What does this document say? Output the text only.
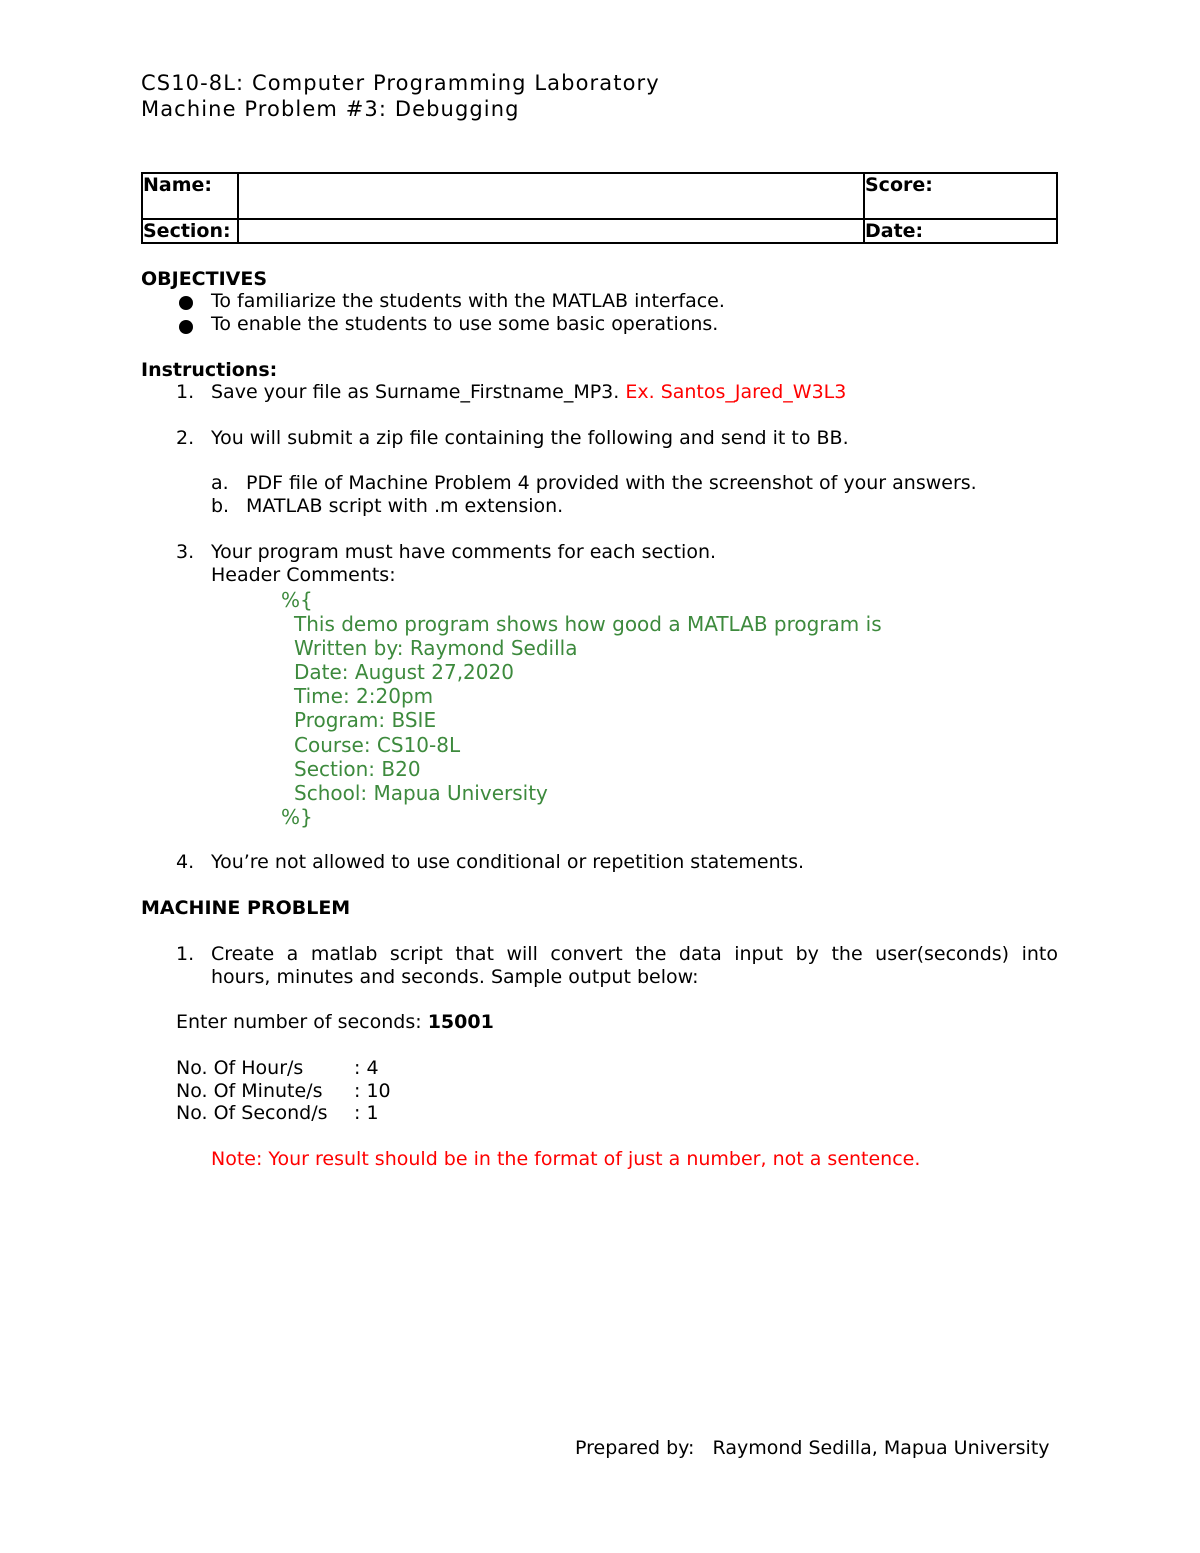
CS10-8L: Computer Programming Laboratory
Machine Problem #3: Debugging
Name:		Score:
Section:		Date:
OBJECTIVES
To familiarize the students with the MATLAB interface.
To enable the students to use some basic operations.
Instructions:
1. Save your file as Surname_Firstname_MP3. Ex. Santos_Jared_W3L3
2. You will submit a zip file containing the following and send it to BB.
a. PDF file of Machine Problem 4 provided with the screenshot of your answers.
b. MATLAB script with .m extension.
3. Your program must have comments for each section.
Header Comments:
%{
This demo program shows how good a MATLAB program is
Written by: Raymond Sedilla
Date: August 27,2020
Time: 2:20pm
Program: BSIE
Course: CS10-8L
Section: B20
School: Mapua University
%}
4. You’re not allowed to use conditional or repetition statements.
MACHINE PROBLEM
1. Create a matlab script that will convert the data input by the user(seconds) into
hours, minutes and seconds. Sample output below:
Enter number of seconds: 15001
No. Of Hour/s	: 4
No. Of Minute/s : 10
No. Of Second/s : 1
Note: Your result should be in the format of just a number, not a sentence.
Prepared by: Raymond Sedilla, Mapua University
